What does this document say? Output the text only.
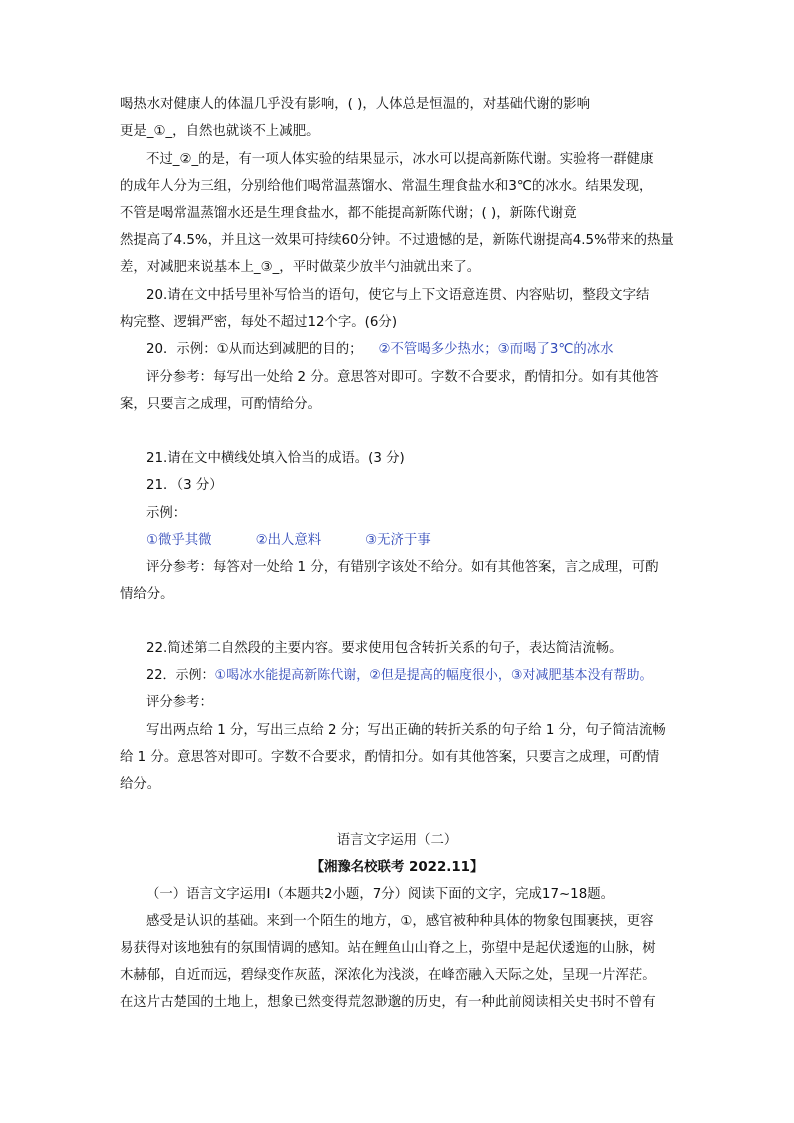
喝热水对健康人的体温几乎没有影响，( )，人体总是恒温的，对基础代谢的影响
更是_①_，自然也就谈不上减肥。
不过_②_的是，有一项人体实验的结果显示，冰水可以提高新陈代谢。实验将一群健康
的成年人分为三组，分别给他们喝常温蒸馏水、常温生理食盐水和3℃的冰水。结果发现，
不管是喝常温蒸馏水还是生理食盐水，都不能提高新陈代谢；( )，新陈代谢竟
然提高了4.5%，并且这一效果可持续60分钟。不过遗憾的是，新陈代谢提高4.5%带来的热量
差，对减肥来说基本上_③_，平时做菜少放半勺油就出来了。
20.请在文中括号里补写恰当的语句，使它与上下文语意连贯、内容贴切，整段文字结
构完整、逻辑严密，每处不超过12个字。(6分)
20．示例：①从而达到减肥的目的； ②不管喝多少热水；③而喝了3℃的冰水
评分参考：每写出一处给 2 分。意思答对即可。字数不合要求，酌情扣分。如有其他答
案，只要言之成理，可酌情给分。
21.请在文中横线处填入恰当的成语。(3 分)
21．（3 分）
示例：
①微乎其微	②出人意料	③无济于事
评分参考：每答对一处给 1 分，有错别字该处不给分。如有其他答案，言之成理，可酌
情给分。
22.简述第二自然段的主要内容。要求使用包含转折关系的句子，表达简洁流畅。
22．示例：①喝冰水能提高新陈代谢，②但是提高的幅度很小，③对减肥基本没有帮助。
评分参考：
写出两点给 1 分，写出三点给 2 分；写出正确的转折关系的句子给 1 分，句子简洁流畅
给 1 分。意思答对即可。字数不合要求，酌情扣分。如有其他答案，只要言之成理，可酌情
给分。
语言文字运用（二）
【湘豫名校联考 2022.11】
（一）语言文字运用Ⅰ（本题共2小题，7分）阅读下面的文字，完成17~18题。
感受是认识的基础。来到一个陌生的地方，①，感官被种种具体的物象包围裹挟，更容
易获得对该地独有的氛围情调的感知。站在鲤鱼山山脊之上，弥望中是起伏逶迤的山脉，树
木赫郁，自近而远，碧绿变作灰蓝，深浓化为浅淡，在峰峦融入天际之处，呈现一片浑茫。
在这片古楚国的土地上，想象已然变得荒忽渺邈的历史，有一种此前阅读相关史书时不曾有
